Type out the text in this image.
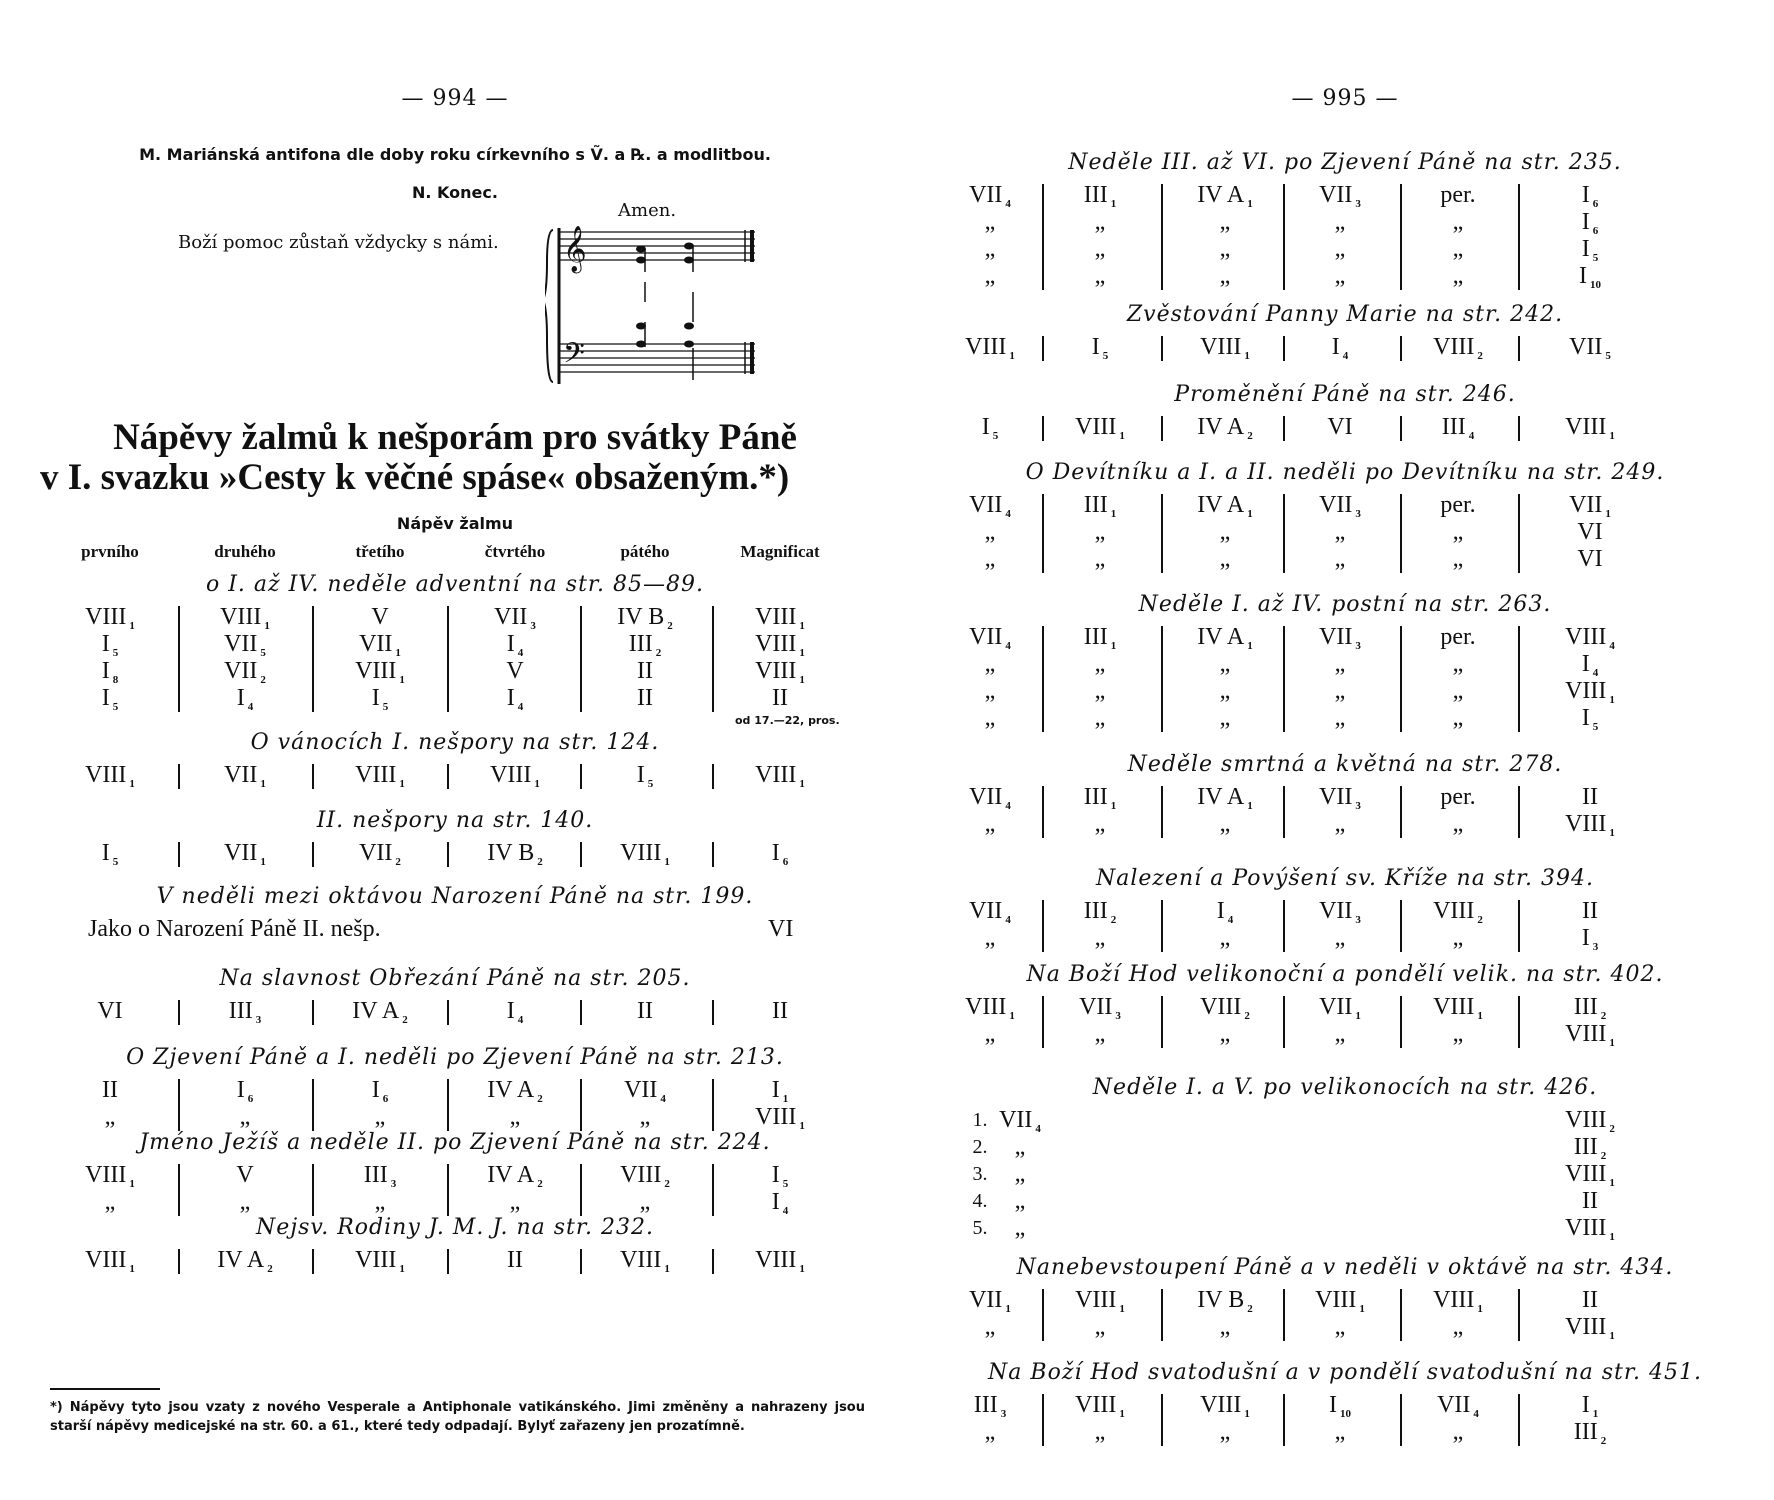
— 994 —
M. Mariánská antifona dle doby roku církevního s Ṽ. a ℞. a modlitbou.
N. Konec.
Boží pomoc zůstaň vždycky s námi.
Amen.
𝄞
𝄢
Nápěvy žalmů k nešporám pro svátky Páně
v I. svazku »Cesty k věčné spáse« obsaženým.*)
Nápěv žalmu
prvního	druhého	třetího	čtvrtého	pátého	Magnificat
o I. až IV. neděle adventní na str. 85—89.
VIII $_1$	VIII $_1$	V	VII $_3$	IV B $_2$	VIII $_1$
I $_5$	VII $_5$	VII $_1$	I $_4$	III $_2$	VIII $_1$
I $_8$	VII $_2$	VIII $_1$	V	II	VIII $_1$
I $_5$	I $_4$	I $_5$	I $_4$	II	II
od 17.—22, pros.
O vánocích I. nešpory na str. 124.
VIII $_1$	VII $_1$	VIII $_1$	VIII $_1$	I $_5$	VIII $_1$
II. nešpory na str. 140.
I $_5$	VII $_1$	VII $_2$	IV B $_2$	VIII $_1$	I $_6$
V neděli mezi oktávou Narození Páně na str. 199.
Jako o Narození Páně II. nešp.	VI
Na slavnost Obřezání Páně na str. 205.
VI	III $_3$	IV A $_2$	I $_4$	II	II
O Zjevení Páně a I. neděli po Zjevení Páně na str. 213.
II	I $_6$	I $_6$	IV A $_2$	VII $_4$	I $_1$
„	„	„	„	„	VIII $_1$
Jméno Ježíš a neděle II. po Zjevení Páně na str. 224.
VIII $_1$	V	III $_3$	IV A $_2$	VIII $_2$	I $_5$
„	„	„	„	„	I $_4$
Nejsv. Rodiny J. M. J. na str. 232.
VIII $_1$	IV A $_2$	VIII $_1$	II	VIII $_1$	VIII $_1$
*) Nápěvy tyto jsou vzaty z nového Vesperale a Antiphonale vatikánského. Jimi změněny a nahrazeny jsou starší nápěvy medicejské na str. 60. a 61., které tedy odpadají. Bylyť zařazeny jen prozatímně.
— 995 —
Neděle III. až VI. po Zjevení Páně na str. 235.
VII $_4$	III $_1$	IV A $_1$	VII $_3$	per.	I $_6$
„	„	„	„	„	I $_6$
„	„	„	„	„	I $_5$
„	„	„	„	„	I $_{10}$
Zvěstování Panny Marie na str. 242.
VIII $_1$	I $_5$	VIII $_1$	I $_4$	VIII $_2$	VII $_5$
Proměnění Páně na str. 246.
I $_5$	VIII $_1$	IV A $_2$	VI	III $_4$	VIII $_1$
O Devítníku a I. a II. neděli po Devítníku na str. 249.
VII $_4$	III $_1$	IV A $_1$	VII $_3$	per.	VII $_1$
„	„	„	„	„	VI
„	„	„	„	„	VI
Neděle I. až IV. postní na str. 263.
VII $_4$	III $_1$	IV A $_1$	VII $_3$	per.	VIII $_4$
„	„	„	„	„	I $_4$
„	„	„	„	„	VIII $_1$
„	„	„	„	„	I $_5$
Neděle smrtná a květná na str. 278.
VII $_4$	III $_1$	IV A $_1$	VII $_3$	per.	II
„	„	„	„	„	VIII $_1$
Nalezení a Povýšení sv. Kříže na str. 394.
VII $_4$	III $_2$	I $_4$	VII $_3$	VIII $_2$	II
„	„	„	„	„	I $_3$
Na Boží Hod velikonoční a pondělí velik. na str. 402.
VIII $_1$	VII $_3$	VIII $_2$	VII $_1$	VIII $_1$	III $_2$
„	„	„	„	„	VIII $_1$
Neděle I. a V. po velikonocích na str. 426.
1. VII $_4$	VIII $_2$
2. „	III $_2$
3. „	VIII $_1$
4. „	II
5. „	VIII $_1$
Nanebevstoupení Páně a v neděli v oktávě na str. 434.
VII $_1$	VIII $_1$	IV B $_2$	VIII $_1$	VIII $_1$	II
„	„	„	„	„	VIII $_1$
Na Boží Hod svatodušní a v pondělí svatodušní na str. 451.
III $_3$	VIII $_1$	VIII $_1$	I $_{10}$	VII $_4$	I $_1$
„	„	„	„	„	III $_2$
